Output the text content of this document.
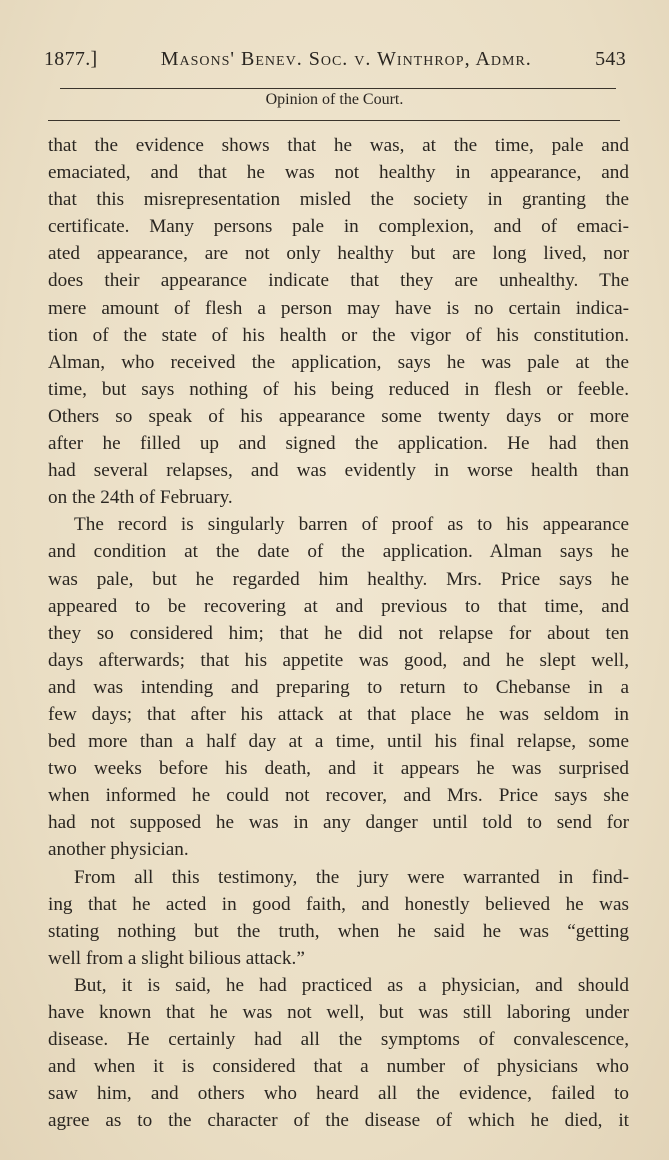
1877.]	Masons' Benev. Soc. v. Winthrop, Admr.	543
Opinion of the Court.
that the evidence shows that he was, at the time, pale and
emaciated, and that he was not healthy in appearance, and
that this misrepresentation misled the society in granting the
certificate. Many persons pale in complexion, and of emaci-
ated appearance, are not only healthy but are long lived, nor
does their appearance indicate that they are unhealthy. The
mere amount of flesh a person may have is no certain indica-
tion of the state of his health or the vigor of his constitution.
Alman, who received the application, says he was pale at the
time, but says nothing of his being reduced in flesh or feeble.
Others so speak of his appearance some twenty days or more
after he filled up and signed the application. He had then
had several relapses, and was evidently in worse health than
on the 24th of February.
The record is singularly barren of proof as to his appearance
and condition at the date of the application. Alman says he
was pale, but he regarded him healthy. Mrs. Price says he
appeared to be recovering at and previous to that time, and
they so considered him; that he did not relapse for about ten
days afterwards; that his appetite was good, and he slept well,
and was intending and preparing to return to Chebanse in a
few days; that after his attack at that place he was seldom in
bed more than a half day at a time, until his final relapse, some
two weeks before his death, and it appears he was surprised
when informed he could not recover, and Mrs. Price says she
had not supposed he was in any danger until told to send for
another physician.
From all this testimony, the jury were warranted in find-
ing that he acted in good faith, and honestly believed he was
stating nothing but the truth, when he said he was “getting
well from a slight bilious attack.”
But, it is said, he had practiced as a physician, and should
have known that he was not well, but was still laboring under
disease. He certainly had all the symptoms of convalescence,
and when it is considered that a number of physicians who
saw him, and others who heard all the evidence, failed to
agree as to the character of the disease of which he died, it
